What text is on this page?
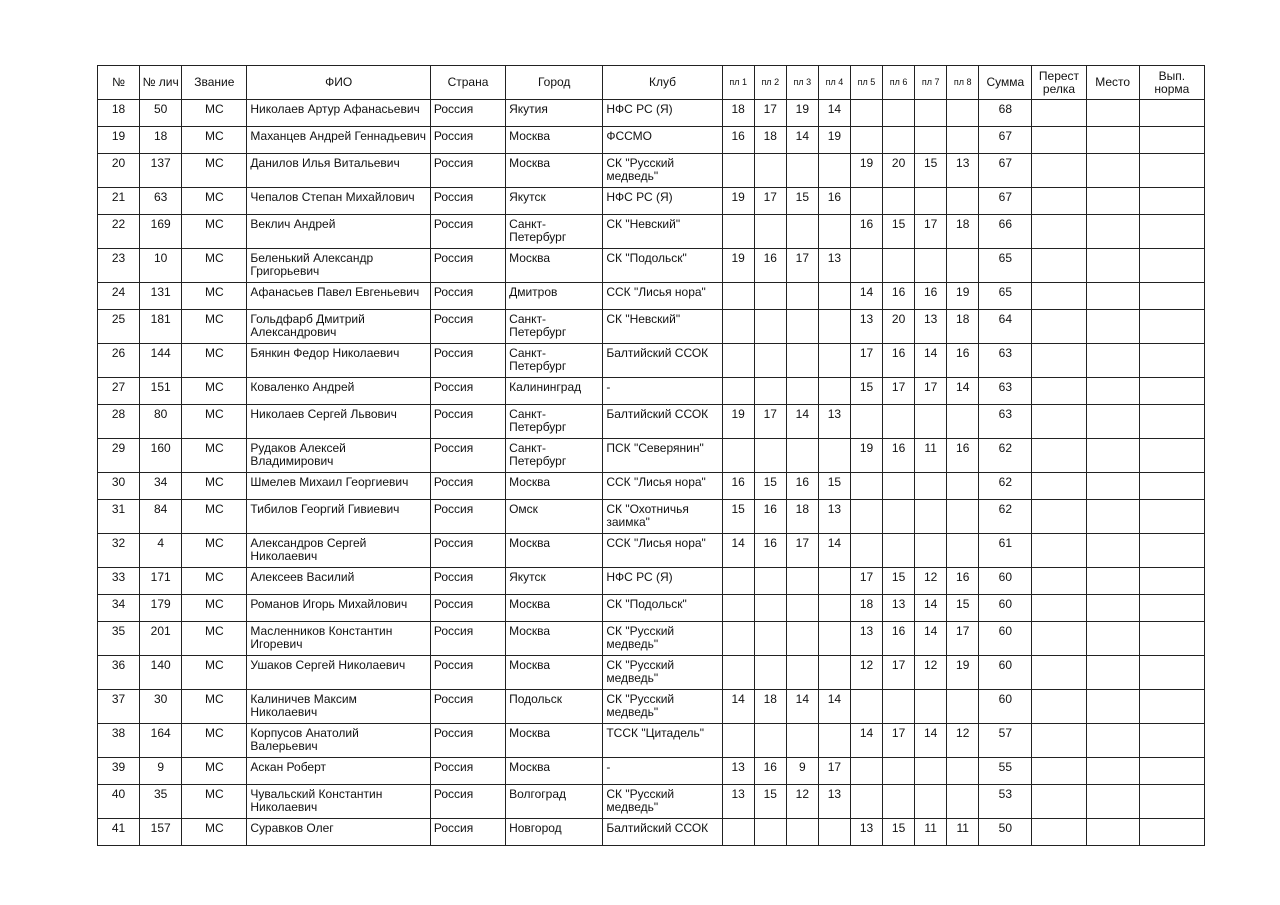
№	№ лич	Звание	ФИО	Страна	Город	Клуб	пл 1	пл 2	пл 3	пл 4	пл 5	пл 6	пл 7	пл 8	Сумма	Перест релка	Место	Вып. норма
18	50	МС	Николаев Артур Афанасьевич	Россия	Якутия	НФС РС (Я)	18	17	19	14					68			
19	18	МС	Маханцев Андрей Геннадьевич	Россия	Москва	ФССМО	16	18	14	19					67			
20	137	МС	Данилов Илья Витальевич	Россия	Москва	СК "Русский медведь"					19	20	15	13	67			
21	63	МС	Чепалов Степан Михайлович	Россия	Якутск	НФС РС (Я)	19	17	15	16					67			
22	169	МС	Веклич Андрей	Россия	Санкт-Петербург	СК "Невский"					16	15	17	18	66			
23	10	МС	Беленький Александр Григорьевич	Россия	Москва	СК "Подольск"	19	16	17	13					65			
24	131	МС	Афанасьев Павел Евгеньевич	Россия	Дмитров	ССК "Лисья нора"					14	16	16	19	65			
25	181	МС	Гольдфарб Дмитрий Александрович	Россия	Санкт-Петербург	СК "Невский"					13	20	13	18	64			
26	144	МС	Бянкин Федор Николаевич	Россия	Санкт-Петербург	Балтийский ССОК					17	16	14	16	63			
27	151	МС	Коваленко Андрей	Россия	Калининград	-					15	17	17	14	63			
28	80	МС	Николаев Сергей Львович	Россия	Санкт-Петербург	Балтийский ССОК	19	17	14	13					63			
29	160	МС	Рудаков Алексей Владимирович	Россия	Санкт-Петербург	ПСК "Северянин"					19	16	11	16	62			
30	34	МС	Шмелев Михаил Георгиевич	Россия	Москва	ССК "Лисья нора"	16	15	16	15					62			
31	84	МС	Тибилов Георгий Гивиевич	Россия	Омск	СК "Охотничья заимка"	15	16	18	13					62			
32	4	МС	Александров Сергей Николаевич	Россия	Москва	ССК "Лисья нора"	14	16	17	14					61			
33	171	МС	Алексеев Василий	Россия	Якутск	НФС РС (Я)					17	15	12	16	60			
34	179	МС	Романов Игорь Михайлович	Россия	Москва	СК "Подольск"					18	13	14	15	60			
35	201	МС	Масленников Константин Игоревич	Россия	Москва	СК "Русский медведь"					13	16	14	17	60			
36	140	МС	Ушаков Сергей Николаевич	Россия	Москва	СК "Русский медведь"					12	17	12	19	60			
37	30	МС	Калиничев Максим Николаевич	Россия	Подольск	СК "Русский медведь"	14	18	14	14					60			
38	164	МС	Корпусов Анатолий Валерьевич	Россия	Москва	ТССК "Цитадель"					14	17	14	12	57			
39	9	МС	Аскан Роберт	Россия	Москва	-	13	16	9	17					55			
40	35	МС	Чувальский Константин Николаевич	Россия	Волгоград	СК "Русский медведь"	13	15	12	13					53			
41	157	МС	Суравков Олег	Россия	Новгород	Балтийский ССОК					13	15	11	11	50			
